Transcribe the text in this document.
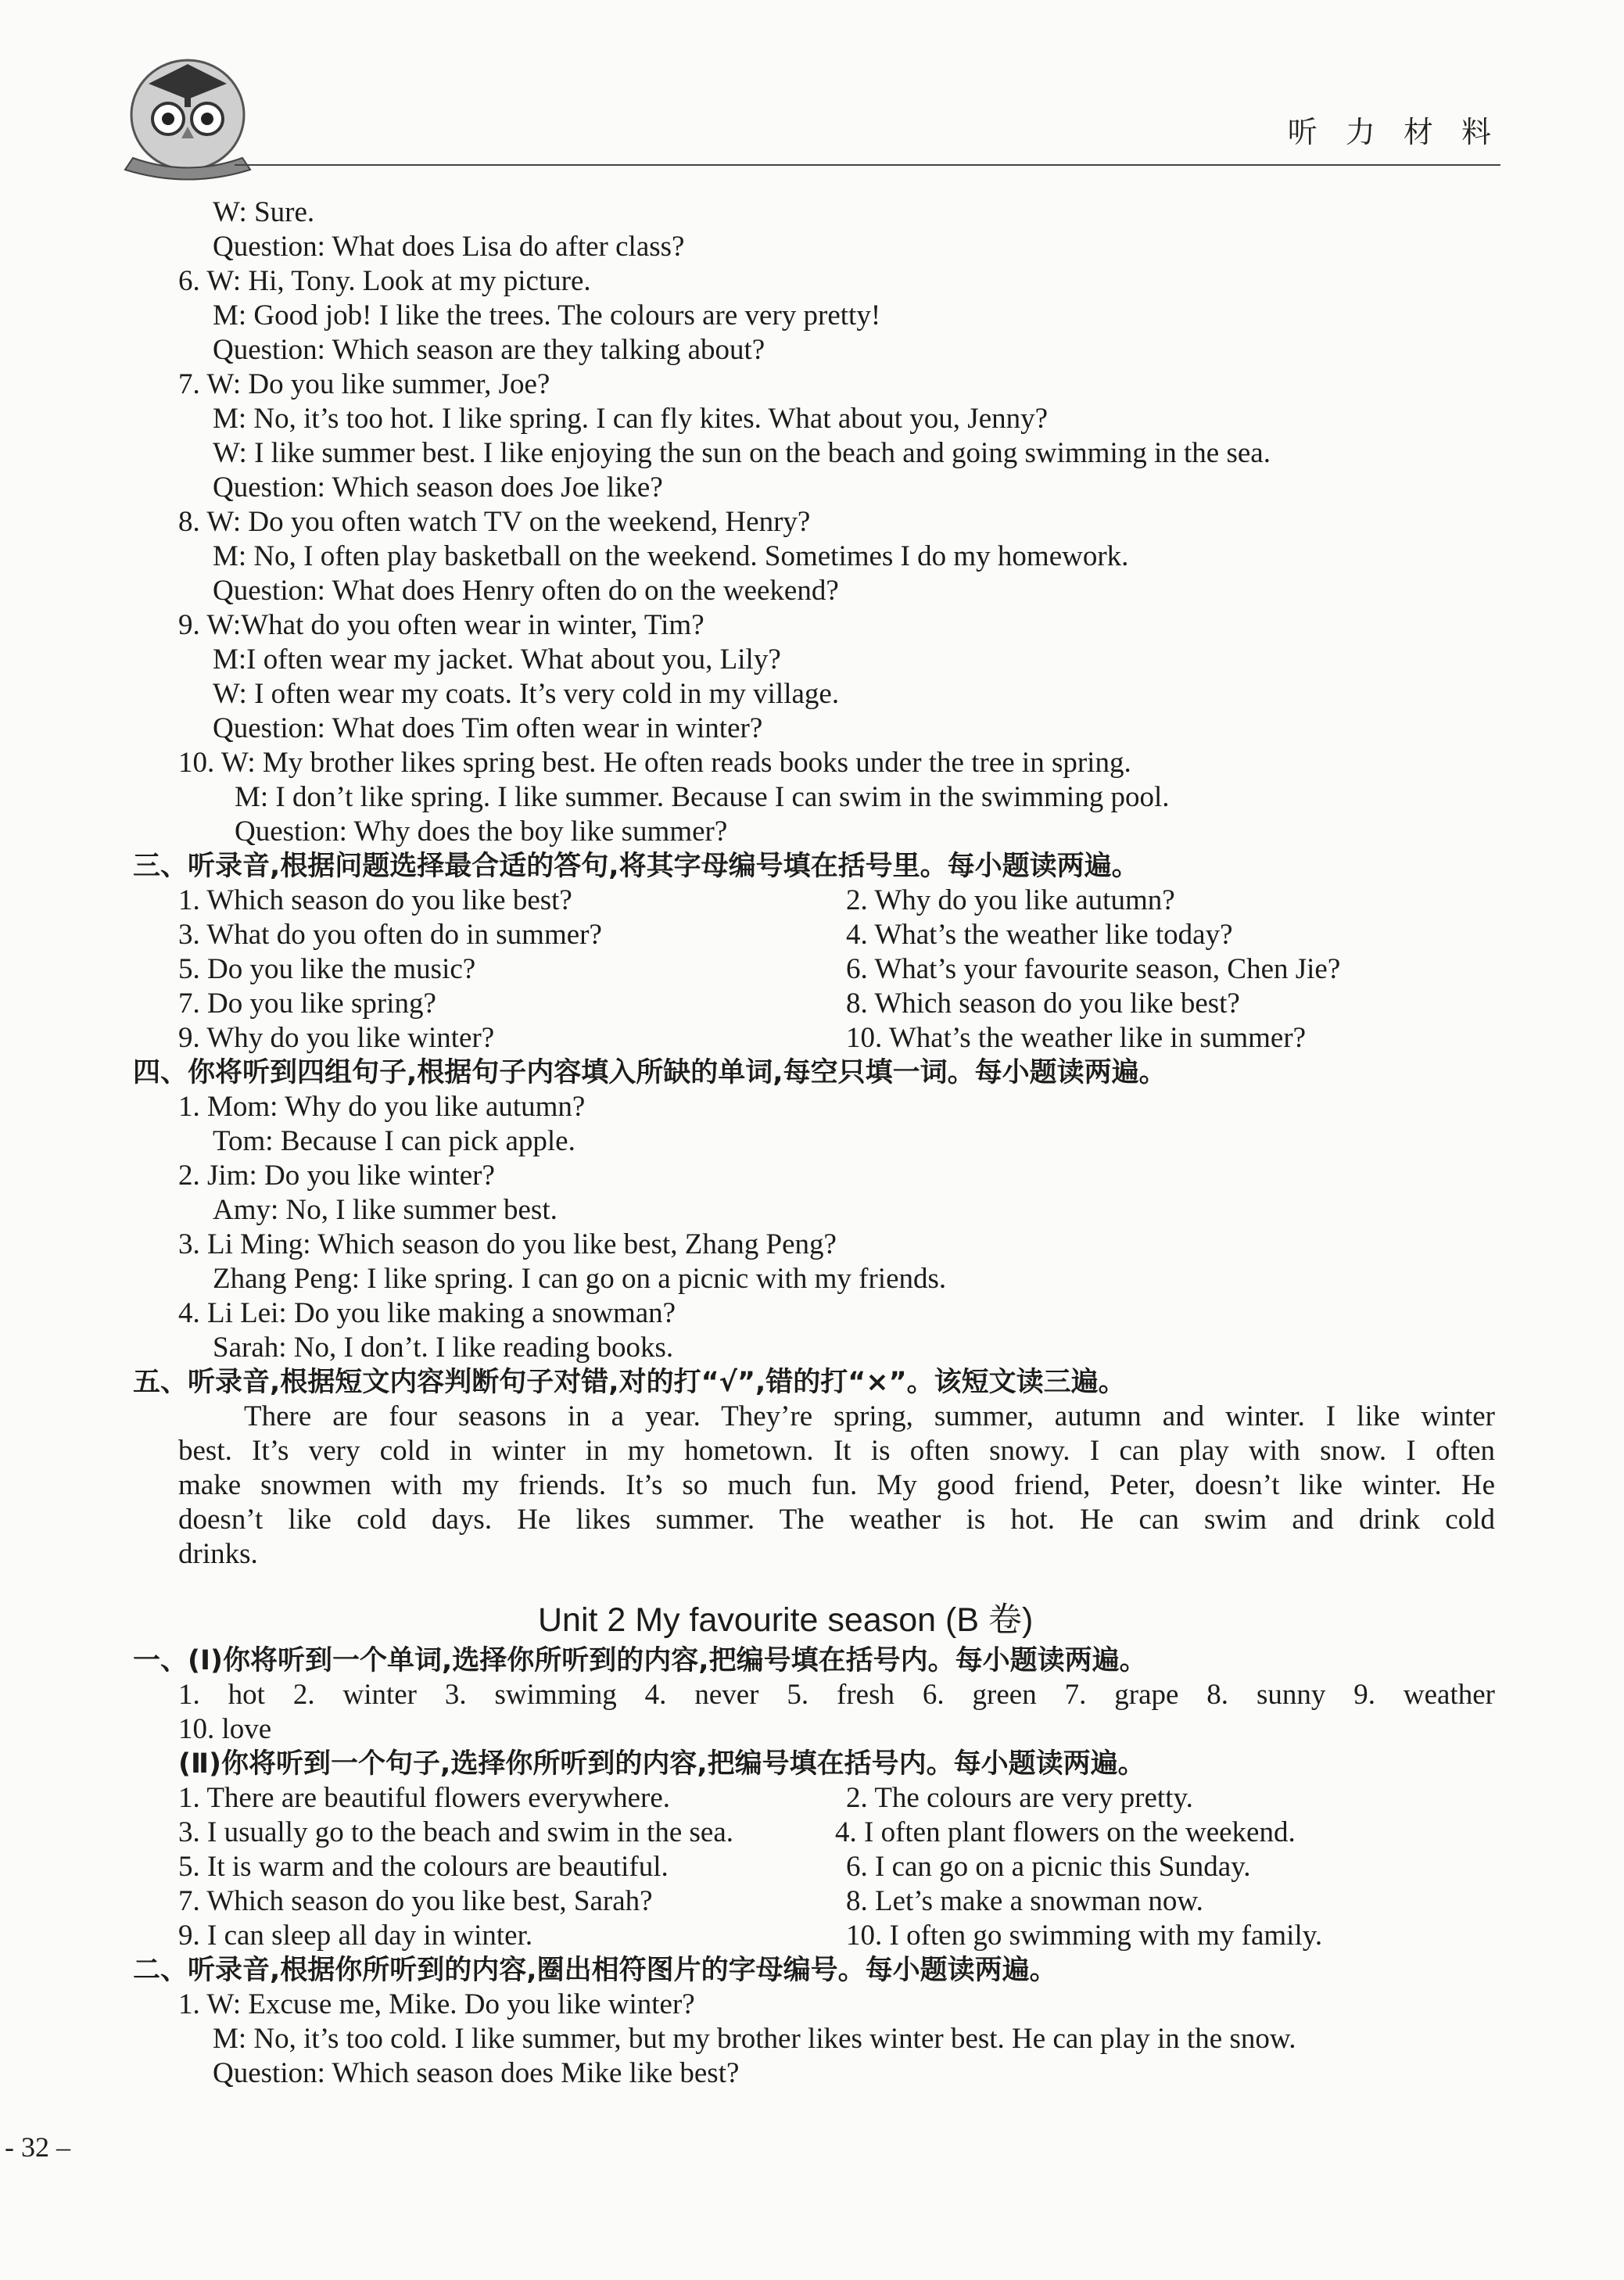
听 力 材 料
W: Sure.
Question: What does Lisa do after class?
6. W: Hi, Tony. Look at my picture.
M: Good job! I like the trees. The colours are very pretty!
Question: Which season are they talking about?
7. W: Do you like summer, Joe?
M: No, it’s too hot. I like spring. I can fly kites. What about you, Jenny?
W: I like summer best. I like enjoying the sun on the beach and going swimming in the sea.
Question: Which season does Joe like?
8. W: Do you often watch TV on the weekend, Henry?
M: No, I often play basketball on the weekend. Sometimes I do my homework.
Question: What does Henry often do on the weekend?
9. W:What do you often wear in winter, Tim?
M:I often wear my jacket. What about you, Lily?
W: I often wear my coats. It’s very cold in my village.
Question: What does Tim often wear in winter?
10. W: My brother likes spring best. He often reads books under the tree in spring.
M: I don’t like spring. I like summer. Because I can swim in the swimming pool.
Question: Why does the boy like summer?
三、听录音,根据问题选择最合适的答句,将其字母编号填在括号里。每小题读两遍。
1. Which season do you like best?	2. Why do you like autumn?
3. What do you often do in summer?	4. What’s the weather like today?
5. Do you like the music?	6. What’s your favourite season, Chen Jie?
7. Do you like spring?	8. Which season do you like best?
9. Why do you like winter?	10. What’s the weather like in summer?
四、你将听到四组句子,根据句子内容填入所缺的单词,每空只填一词。每小题读两遍。
1. Mom: Why do you like autumn?
Tom: Because I can pick apple.
2. Jim: Do you like winter?
Amy: No, I like summer best.
3. Li Ming: Which season do you like best, Zhang Peng?
Zhang Peng: I like spring. I can go on a picnic with my friends.
4. Li Lei: Do you like making a snowman?
Sarah: No, I don’t. I like reading books.
五、听录音,根据短文内容判断句子对错,对的打“√”,错的打“×”。该短文读三遍。
There are four seasons in a year. They’re spring, summer, autumn and winter. I like winter
best. It’s very cold in winter in my hometown. It is often snowy. I can play with snow. I often
make snowmen with my friends. It’s so much fun. My good friend, Peter, doesn’t like winter. He
doesn’t like cold days. He likes summer. The weather is hot. He can swim and drink cold
drinks.
Unit 2 My favourite season (B 卷)
一、(Ⅰ)你将听到一个单词,选择你所听到的内容,把编号填在括号内。每小题读两遍。
1. hot 2. winter 3. swimming 4. never 5. fresh 6. green 7. grape 8. sunny 9. weather
10. love
(Ⅱ)你将听到一个句子,选择你所听到的内容,把编号填在括号内。每小题读两遍。
1. There are beautiful flowers everywhere.	2. The colours are very pretty.
3. I usually go to the beach and swim in the sea.	4. I often plant flowers on the weekend.
5. It is warm and the colours are beautiful.	6. I can go on a picnic this Sunday.
7. Which season do you like best, Sarah?	8. Let’s make a snowman now.
9. I can sleep all day in winter.	10. I often go swimming with my family.
二、听录音,根据你所听到的内容,圈出相符图片的字母编号。每小题读两遍。
1. W: Excuse me, Mike. Do you like winter?
M: No, it’s too cold. I like summer, but my brother likes winter best. He can play in the snow.
Question: Which season does Mike like best?
- 32 –
